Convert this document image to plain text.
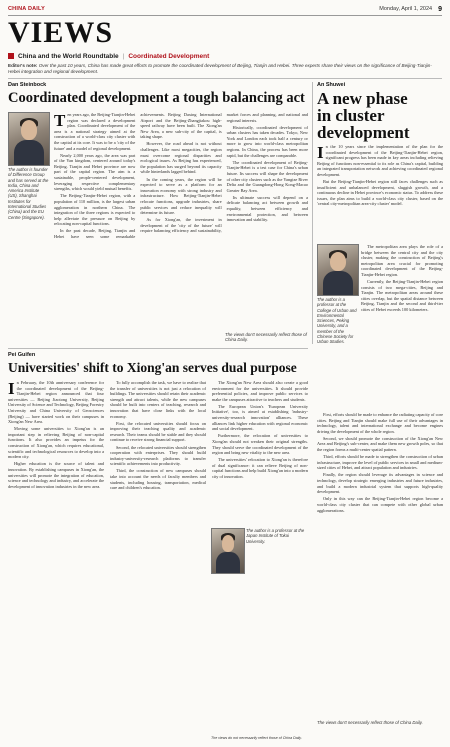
CHINA DAILY	Monday, April 1, 2024 9
VIEWS
China and the World Roundtable | Coordinated Development
Editor's note: Over the past 10 years, China has made great efforts to promote the coordinated development of Beijing, Tianjin and Hebei. Three experts share their views on the significance of Beijing-Tianjin-Hebei integration and regional development.
Dan Steinbock
Coordinated development a tough balancing act
The author is founder of Difference Group and has served at the India, China and America Institute (US), Shanghai Institutes for International Studies (China) and the EU Centre (Singapore).

Ten years ago, the Beijing-Tianjin-Hebei region was declared a development plan. Coordinated development of the area is a national strategy aimed at the construction of a world-class city cluster with the capital at its core. It was to be a 'city of the future' and a model of regional development.

Nearly 2,000 years ago, the area was part of the Yan kingdom, centered around today's Beijing. Tianjin and Hebei province are now part of the capital region. The aim is a sustainable, people-centered development, leveraging respective complementary strengths, which would yield mutual benefits.

The Beijing-Tianjin-Hebei region, with a population of 110 million, is the largest urban agglomeration in northern China. The integration of the three regions is expected to help alleviate the pressure on Beijing by relocating non-capital functions.

In the past decade, Beijing, Tianjin and Hebei have seen some remarkable achievements. Beijing Daxing International Airport and the Beijing-Zhangjiakou high-speed railway have been built. The Xiong'an New Area, a new sub-city of the capital, is taking shape.

However, the road ahead is not without challenges. Like most megacities, the region must overcome regional disparities and ecological issues. As Beijing has experienced, the population has surged beyond its capacity while hinterlands lagged behind.

In the coming years, the region will be expected to serve as a platform for an innovation economy with strong industry and infrastructure. How Beijing-Tianjin-Hebei relocate functions, upgrade industries, share public services and reduce inequality will determine its future.

As for Xiong'an, the investment in development of the 'city of the future' will require balancing efficiency and sustainability, market forces and planning, and national and regional interests.

Historically, coordinated development of urban clusters has taken decades. Tokyo, New York and London each took half a century or more to grow into world-class metropolitan regions. In China, the process has been more rapid, but the challenges are comparable.

The coordinated development of Beijing-Tianjin-Hebei is a test case for China's urban future. Its success will shape the development of other city clusters such as the Yangtze River Delta and the Guangdong-Hong Kong-Macao Greater Bay Area.

Its ultimate success will depend on a delicate balancing act between growth and equality, between efficiency and environmental protection, and between innovation and stability.

The views don't necessarily reflect those of China Daily.
An Shuwei
A new phase
in cluster
development

In the 10 years since the implementation of the plan for the coordinated development of the Beijing-Tianjin-Hebei region, significant progress has been made in key areas including relieving Beijing of functions non-essential to its role as China's capital, building an integrated transportation network and achieving coordinated regional development.

But the Beijing-Tianjin-Hebei region still faces challenges such as insufficient and unbalanced development, sluggish growth, and a continuous decline in Hebei province's economic status. To address these issues, the plan aims to build a world-class city cluster, based on the 'central city-metropolitan area-city cluster' model.

The author is a professor at the College of Urban and Environmental Sciences, Peking University, and a member of the Chinese Society for Urban Studies.

The metropolitan area plays the role of a bridge between the central city and the city cluster, making the construction of Beijing's metropolitan area crucial for promoting coordinated development of the Beijing-Tianjin-Hebei region.

Currently, the Beijing-Tianjin-Hebei region consists of two mega-cities, Beijing and Tianjin. The metropolitan areas around these cities overlap, but the spatial distance between Beijing, Tianjin and the second and third-tier cities of Hebei exceeds 100 kilometers.

First, efforts should be made to enhance the radiating capacity of core cities. Beijing and Tianjin should make full use of their advantages in technology, talent and international exchange and become engines driving the development of the whole region.

Second, we should promote the construction of the Xiong'an New Area and Beijing's sub-center, and make them new growth poles, so that the region forms a multi-center spatial pattern.

Third, efforts should be made to strengthen the construction of urban infrastructure, improve the level of public services in small and medium-sized cities of Hebei, and attract population and industries.

Finally, the region should leverage its advantages in science and technology, develop strategic emerging industries and future industries, and build a modern industrial system that supports high-quality development.

Only in this way can the Beijing-Tianjin-Hebei region become a world-class city cluster that can compete with other global urban agglomerations.

The views don't necessarily reflect those of China Daily.
Pei Guifen
Universities' shift to Xiong'an serves dual purpose

In February, the 10th anniversary conference for the coordinated development of the Beijing-Tianjin-Hebei region announced that four universities — Beijing Jiaotong University, Beijing University of Science and Technology, Beijing Forestry University and China University of Geosciences (Beijing) — have started work on their campuses in Xiong'an New Area.

Moving some universities to Xiong'an is an important step in relieving Beijing of non-capital functions. It also provides an impetus for the construction of Xiong'an, which requires educational, scientific and technological resources to develop into a modern city.

Higher education is the source of talent and innovation. By establishing campuses in Xiong'an, the universities will promote the integration of education, science and technology and industry, and accelerate the development of innovation industries in the new area.

To fully accomplish the task, we have to realize that the transfer of universities is not just a relocation of buildings. The universities should retain their academic strength and attract talents, while the new campuses should be built into centers of teaching, research and innovation that have close links with the local economy.

First, the relocated universities should focus on improving their teaching quality and academic research. Their teams should be stable and they should continue to receive strong financial support.

Second, the relocated universities should strengthen cooperation with enterprises. They should build industry-university-research platforms to transfer scientific achievements into productivity.

Third, the construction of new campuses should take into account the needs of faculty members and students, including housing, transportation, medical care and children's education.

The Xiong'an New Area should also create a good environment for the universities. It should provide preferential policies, and improve public services to make the campuses attractive to teachers and students.

The European Union's 'European University Initiative', too, is aimed at establishing 'industry-university-research innovation' alliances. These alliances link higher education with regional economic and social development.

Furthermore, the relocation of universities to Xiong'an should not weaken their original strengths. They should serve the coordinated development of the region and bring new vitality to the new area.

The universities' relocation to Xiong'an is therefore of dual significance: it can relieve Beijing of non-capital functions and help build Xiong'an into a modern city of innovation.

The author is a professor at the Japan Institute of Tokai University.
The views do not necessarily reflect those of China Daily.
